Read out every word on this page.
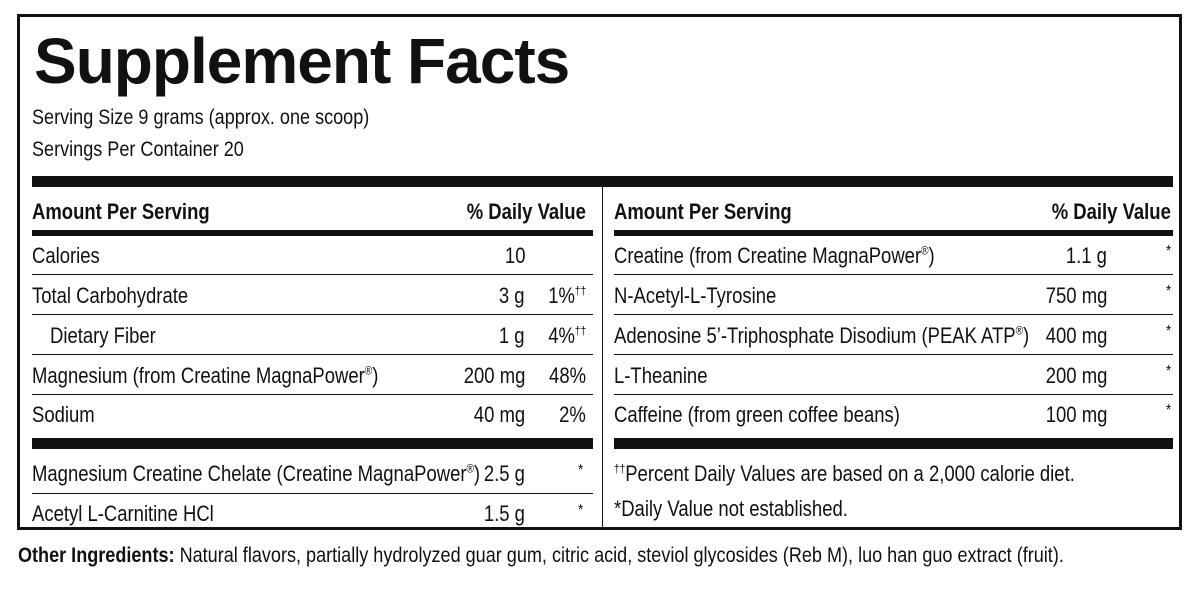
Supplement Facts
Serving Size 9 grams (approx. one scoop)
Servings Per Container 20
Amount Per Serving	% Daily Value
Calories	10
Total Carbohydrate	3 g 1%††
Dietary Fiber	1 g 4%††
Magnesium (from Creatine MagnaPower®)	200 mg 48%
Sodium	40 mg 2%
Magnesium Creatine Chelate (Creatine MagnaPower®) 2.5 g	*
Acetyl L-Carnitine HCl	1.5 g	*
Amount Per Serving	% Daily Value
Creatine (from Creatine MagnaPower®)	1.1 g	*
N-Acetyl-L-Tyrosine	750 mg	*
Adenosine 5’-Triphosphate Disodium (PEAK ATP®) 400 mg	*
L-Theanine	200 mg	*
Caffeine (from green coffee beans)	100 mg	*
††Percent Daily Values are based on a 2,000 calorie diet.
*Daily Value not established.
Other Ingredients: Natural flavors, partially hydrolyzed guar gum, citric acid, steviol glycosides (Reb M), luo han guo extract (fruit).
